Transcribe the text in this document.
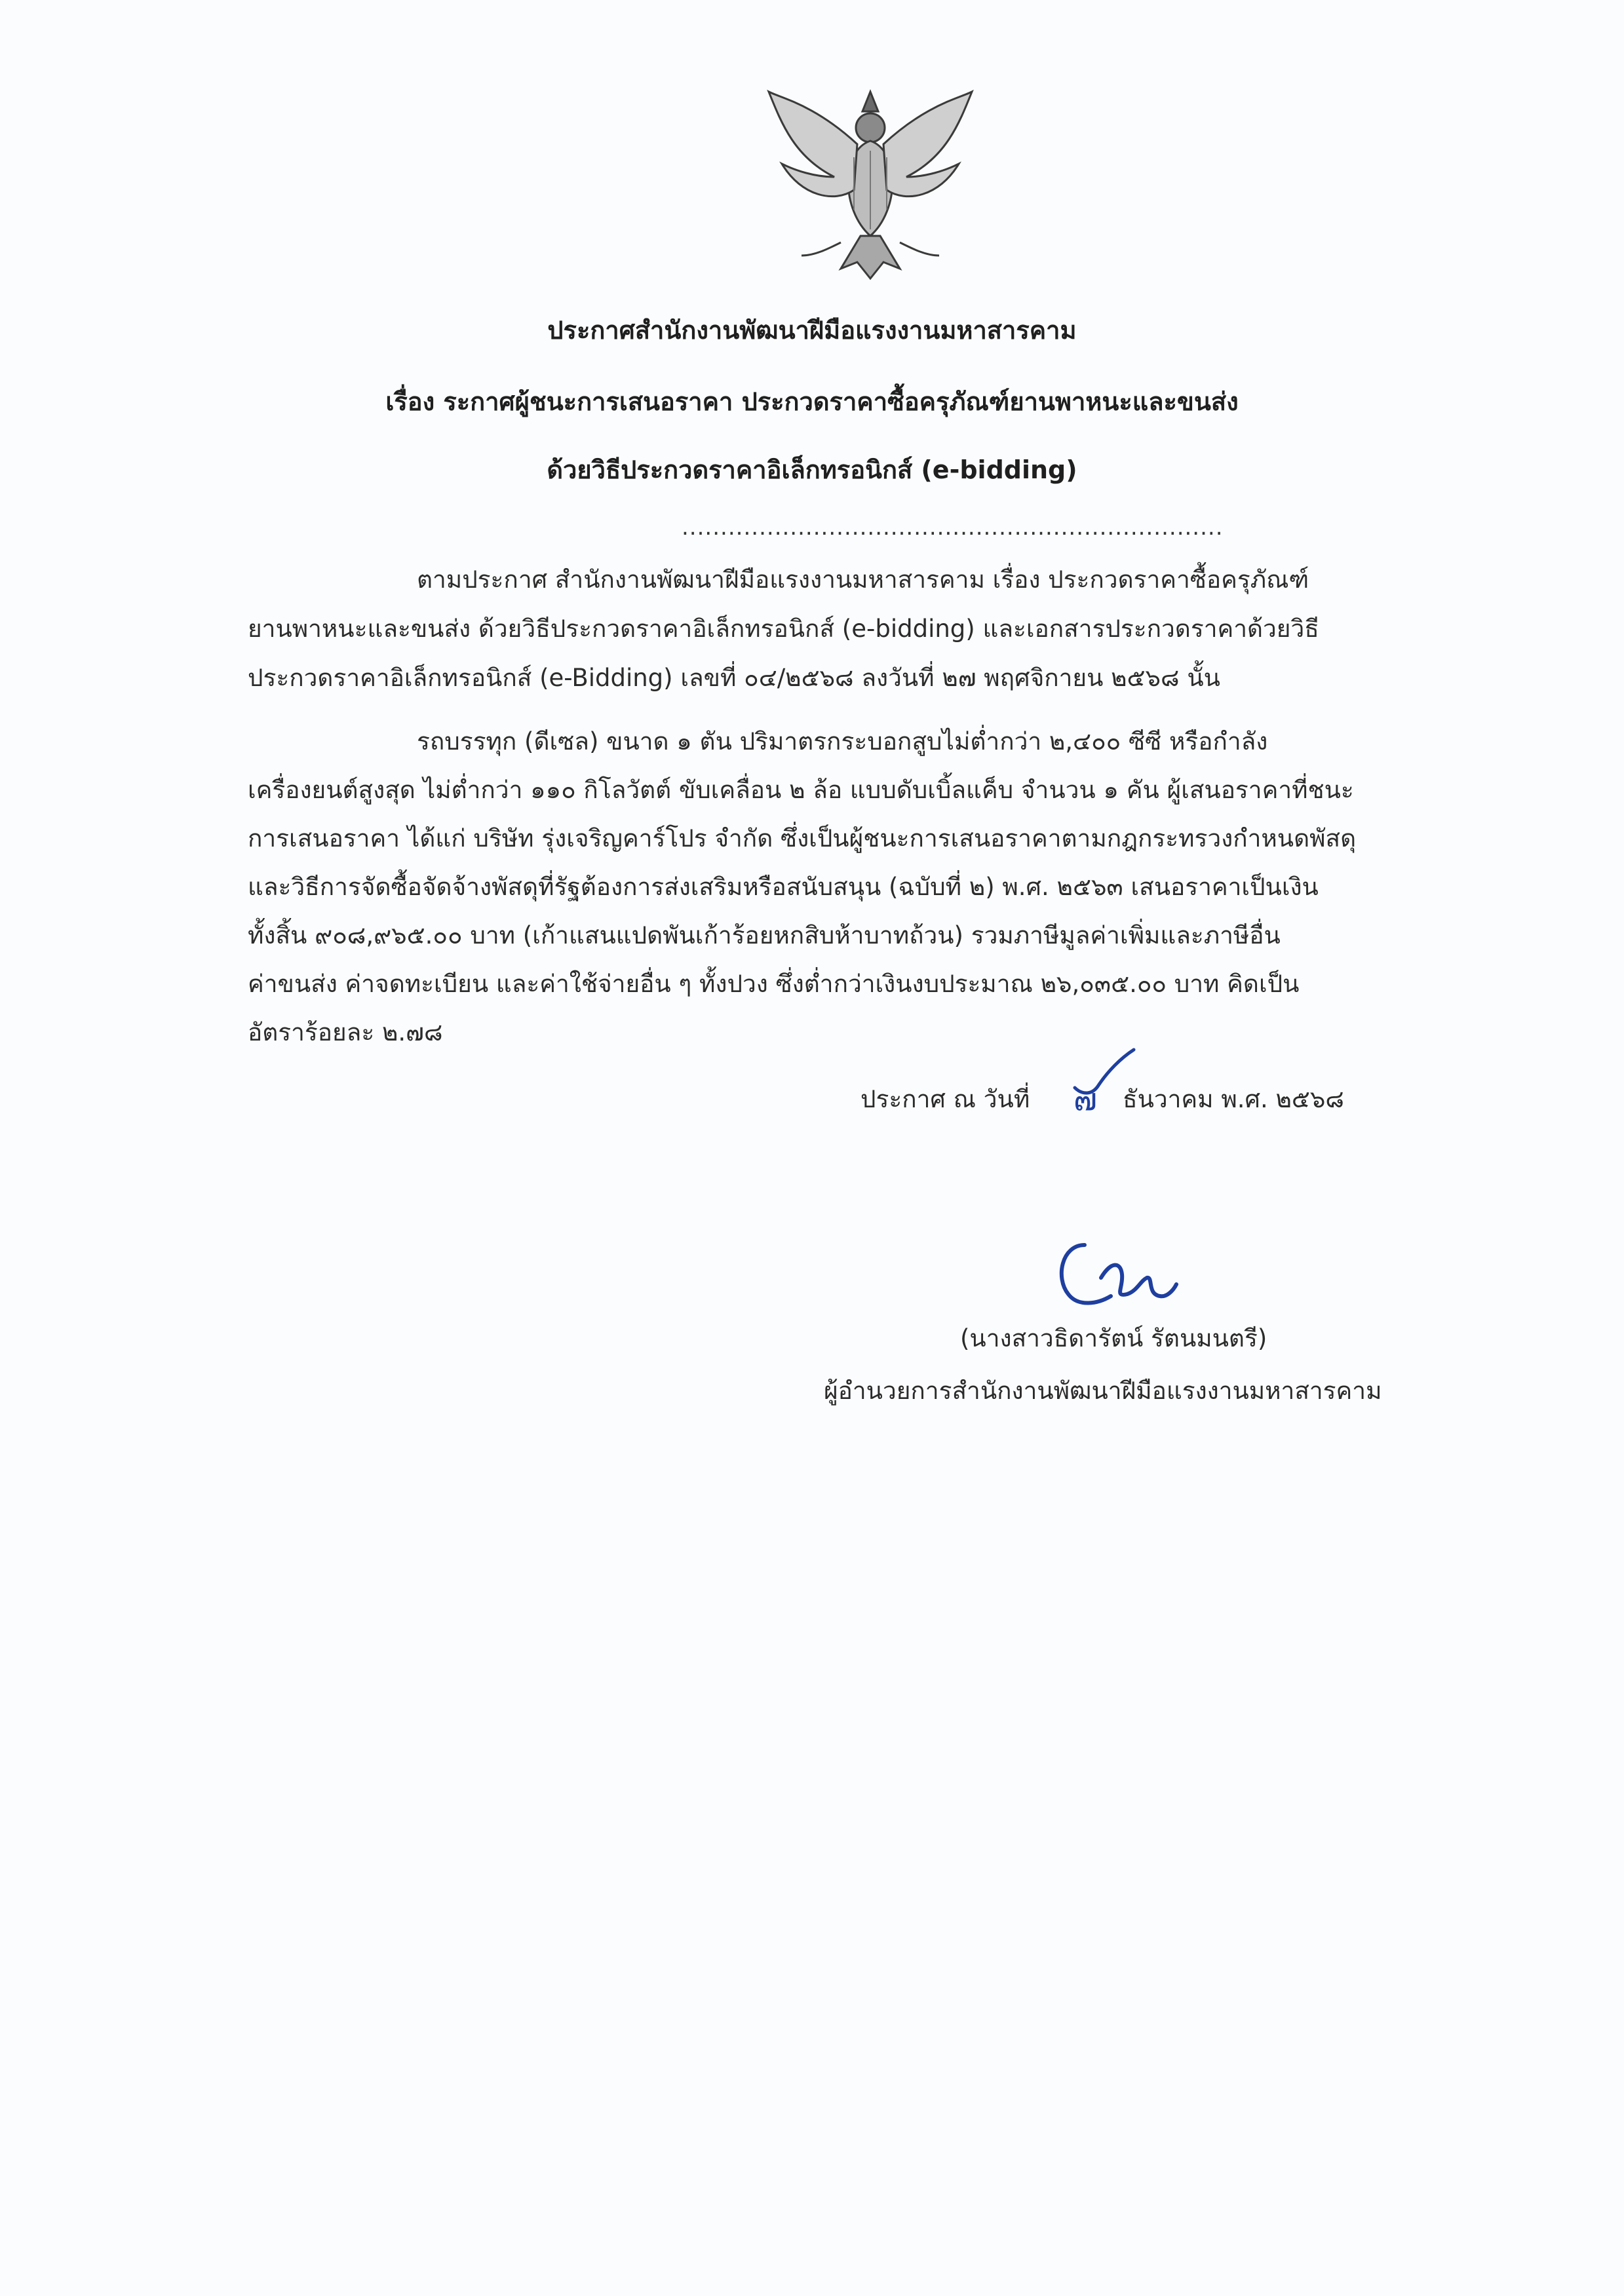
ประกาศสำนักงานพัฒนาฝีมือแรงงานมหาสารคาม
เรื่อง ระกาศผู้ชนะการเสนอราคา ประกวดราคาซื้อครุภัณฑ์ยานพาหนะและขนส่ง
ด้วยวิธีประกวดราคาอิเล็กทรอนิกส์ (e-bidding)
......................................................................
ตามประกาศ สำนักงานพัฒนาฝีมือแรงงานมหาสารคาม เรื่อง ประกวดราคาซื้อครุภัณฑ์
ยานพาหนะและขนส่ง ด้วยวิธีประกวดราคาอิเล็กทรอนิกส์ (e-bidding) และเอกสารประกวดราคาด้วยวิธี
ประกวดราคาอิเล็กทรอนิกส์ (e-Bidding) เลขที่ ๐๔/๒๕๖๘ ลงวันที่ ๒๗ พฤศจิกายน ๒๕๖๘ นั้น
รถบรรทุก (ดีเซล) ขนาด ๑ ตัน ปริมาตรกระบอกสูบไม่ต่ำกว่า ๒,๔๐๐ ซีซี หรือกำลัง
เครื่องยนต์สูงสุด ไม่ต่ำกว่า ๑๑๐ กิโลวัตต์ ขับเคลื่อน ๒ ล้อ แบบดับเบิ้ลแค็บ จำนวน ๑ คัน ผู้เสนอราคาที่ชนะ
การเสนอราคา ได้แก่ บริษัท รุ่งเจริญคาร์โปร จำกัด ซึ่งเป็นผู้ชนะการเสนอราคาตามกฎกระทรวงกำหนดพัสดุ
และวิธีการจัดซื้อจัดจ้างพัสดุที่รัฐต้องการส่งเสริมหรือสนับสนุน (ฉบับที่ ๒) พ.ศ. ๒๕๖๓ เสนอราคาเป็นเงิน
ทั้งสิ้น ๙๐๘,๙๖๕.๐๐ บาท (เก้าแสนแปดพันเก้าร้อยหกสิบห้าบาทถ้วน) รวมภาษีมูลค่าเพิ่มและภาษีอื่น
ค่าขนส่ง ค่าจดทะเบียน และค่าใช้จ่ายอื่น ๆ ทั้งปวง ซึ่งต่ำกว่าเงินงบประมาณ ๒๖,๐๓๕.๐๐ บาท คิดเป็น
อัตราร้อยละ ๒.๗๘
ประกาศ ณ วันที่ ๗ ธันวาคม พ.ศ. ๒๕๖๘
(นางสาวธิดารัตน์ รัตนมนตรี)
ผู้อำนวยการสำนักงานพัฒนาฝีมือแรงงานมหาสารคาม
